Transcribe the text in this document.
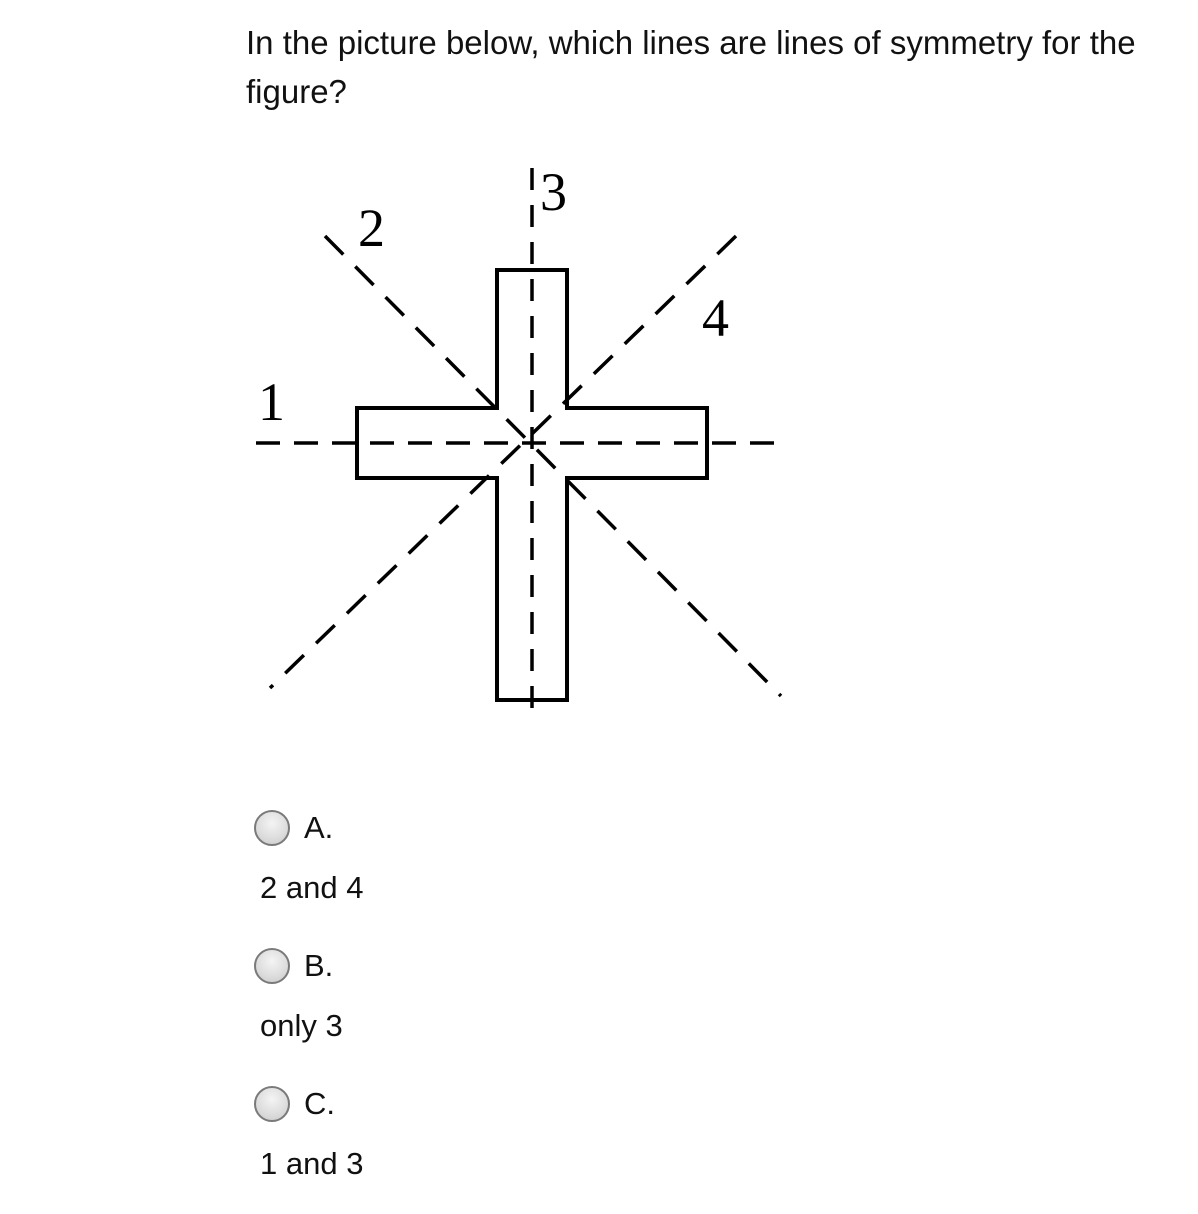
In the picture below, which lines are lines of symmetry for the figure?

1
2
3
4
A.
2 and 4
B.
only 3
C.
1 and 3
